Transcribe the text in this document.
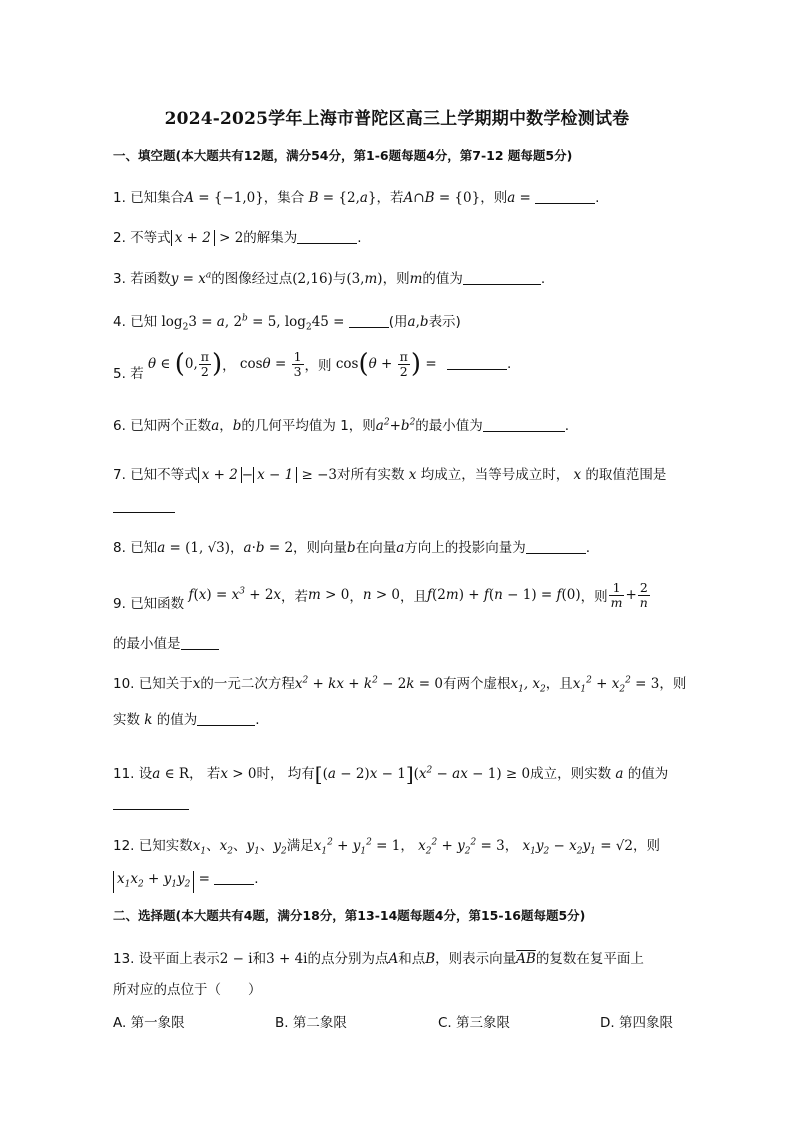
2024-2025学年上海市普陀区高三上学期期中数学检测试卷
一、填空题(本大题共有12题，满分54分，第1-6题每题4分，第7-12 题每题5分)
1. 已知集合A = {−1,0}，集合 B = {2,a}，若A∩B = {0}，则a =	.
2. 不等式 x + 2 > 2的解集为	.
3. 若函数$y = x^a$的图像经过点(2,16)与(3,m)，则m的值为	.
4. 已知 $\log_23 = a$, $2^b = 5$, $\log_245$ =	(用a,b表示)
5. 若 θ ∈ (0, $\frac{\pi}{2}$ )， $\cos\theta = \frac{1}{3}$ ，则 $\cos(\theta + \frac{\pi}{2}$ ) =	.
6. 已知两个正数a，b的几何平均值为 1，则$a^2+b^2$的最小值为	.
7. 已知不等式 x + 2 − x − 1 ≥ −3对所有实数 x 均成立，当等号成立时， x 的取值范围是
8. 已知a = (1, √3)，a·b = 2，则向量b在向量a方向上的投影向量为	.
9. 已知函数 $f(x) = x^3 + 2x$，若m > 0，n > 0，且f(2m) + f(n − 1) = f(0)，则 $\frac{1}{m} + \frac{2}{n}$
的最小值是
10. 已知关于x的一元二次方程$x^2$ + kx + $k^2 - 2k = 0$有两个虚根$x_1$, $x_2$，且$x_1^2 + x_2^2 = 3$，则
实数 k 的值为	.
11. 设a ∈ R， 若x > 0时， 均有$[(a - 2)x - 1](x^2$ − ax − 1) ≥ 0成立，则实数 a 的值为
12. 已知实数$x_1$、$x_2$、$y_1$、$y_2$满足$x_1^2 + y_1^2 = 1$， $x_2^2 + y_2^2 = 3$， $x_1y_2 - x_2y_1 = √2$，则
$x_1x_2 + y_1y_2$ =	.
二、选择题(本大题共有4题，满分18分，第13-14题每题4分，第15-16题每题5分)
13. 设平面上表示2 − i和3 + 4i的点分别为点A和点B，则表示向量$\overline{AB}$的复数在复平面上
所对应的点位于（　　）
A. 第一象限	B. 第二象限	C. 第三象限	D. 第四象限
